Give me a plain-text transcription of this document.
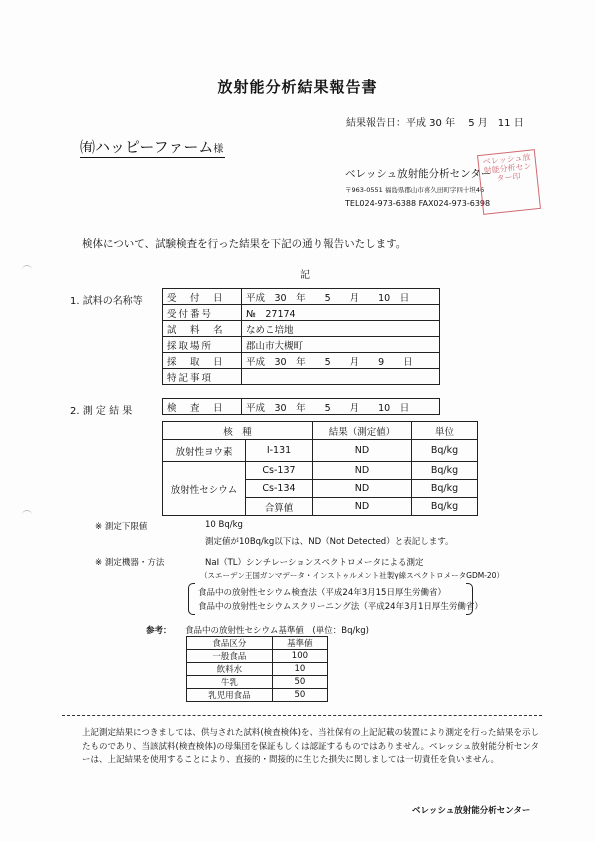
放射能分析結果報告書
結果報告日：平成 30 年　 5 月　11 日
㈲ハッピーファーム様
ベレッシュ放射能分析センター
〒963-0551 福島県郡山市喜久田町字四十坦46
TEL024-973-6388 FAX024-973-6398
ベレッシュ放射能分析センター印
検体について、試験検査を行った結果を下記の通り報告いたします。
記
1. 試料の名称等	受　付　日	平成　30　年　　5　　月　　10　日
受付番号	№　27174
試　料　名	なめこ培地
採取場所	郡山市大槻町
採　取　日	平成　30　年　　5　　月　　9　　日
特記事項	
2. 測 定 結 果	検　査　日	平成　30　年　　5　　月　　10　日
核　種		結果（測定値）	単位
放射性ヨウ素	I-131	ND	Bq/kg
放射性セシウム	Cs-137	ND	Bq/kg
	Cs-134	ND	Bq/kg
	合算値	ND	Bq/kg
※ 測定下限値	10 Bq/kg
測定値が10Bq/kg以下は、ND（Not Detected）と表記します。
※ 測定機器・方法	NaI（TL）シンチレーションスペクトロメータによる測定
（スエーデン王国ガンマデータ・インストゥルメント社製γ線スペクトロメータGDM-20）
食品中の放射性セシウム検査法（平成24年3月15日厚生労働省）
食品中の放射性セシウムスクリーニング法（平成24年3月1日厚生労働省）
参考： 食品中の放射性セシウム基準値　(単位：Bq/kg)
食品区分	基準値
一般食品	100
飲料水	10
牛乳	50
乳児用食品	50
上記測定結果につきましては、供与された試料(検査検体)を、当社保有の上記記載の装置により測定を行った結果を示したものであり、当該試料(検査検体)の母集団を保証もしくは認証するものではありません。ベレッシュ放射能分析センターは、上記結果を使用することにより、直接的・間接的に生じた損失に関しましては一切責任を負いません。
ベレッシュ放射能分析センター
